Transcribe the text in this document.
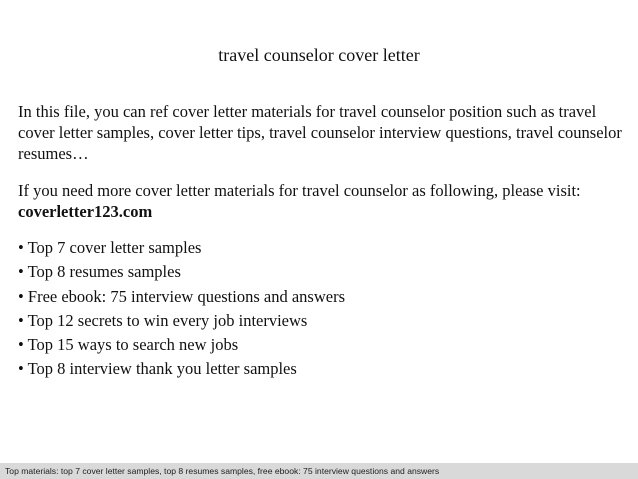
travel counselor cover letter

In this file, you can ref cover letter materials for travel counselor position such as travel cover letter samples, cover letter tips, travel counselor interview questions, travel counselor resumes…

If you need more cover letter materials for travel counselor as following, please visit: coverletter123.com

• Top 7 cover letter samples
• Top 8 resumes samples
• Free ebook: 75 interview questions and answers
• Top 12 secrets to win every job interviews
• Top 15 ways to search new jobs
• Top 8 interview thank you letter samples
Top materials: top 7 cover letter samples, top 8 resumes samples, free ebook: 75 interview questions and answers
